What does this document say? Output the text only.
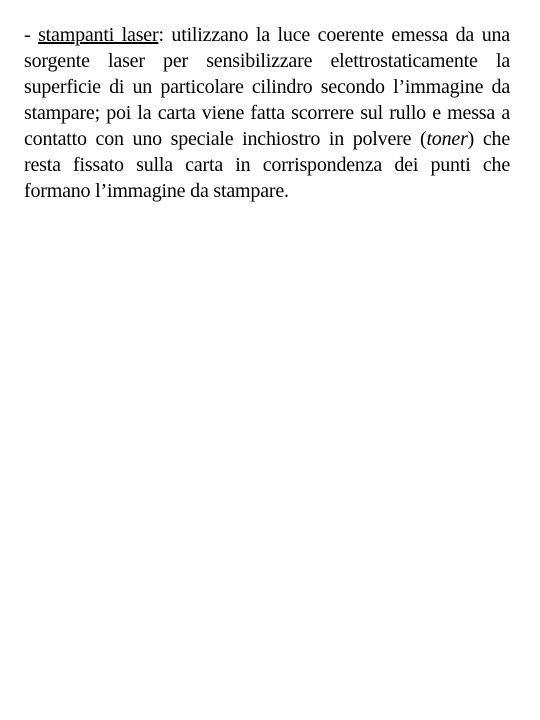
- stampanti laser: utilizzano la luce coerente emessa da una sorgente laser per sensibilizzare elettrostaticamente la superficie di un particolare cilindro secondo l’immagine da stampare; poi la carta viene fatta scorrere sul rullo e messa a contatto con uno speciale inchiostro in polvere (toner) che resta fissato sulla carta in corrispondenza dei punti che formano l’immagine da stampare.
